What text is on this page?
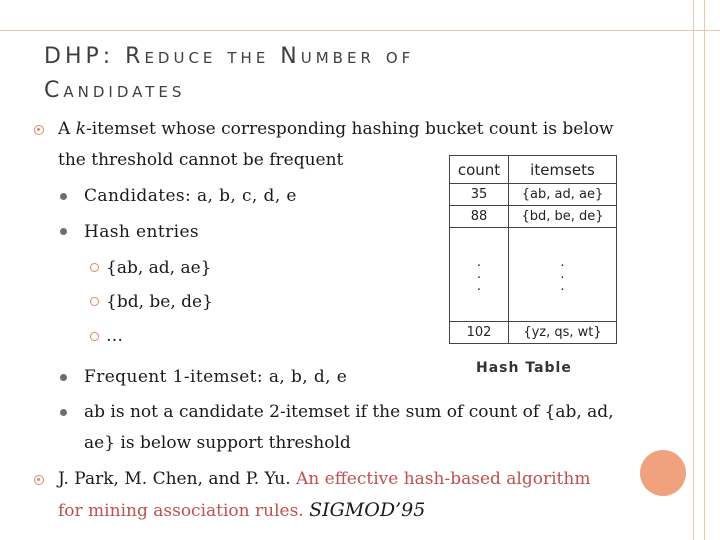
DHP: Reduce the Number of
Candidates
A k-itemset whose corresponding hashing bucket count is below
the threshold cannot be frequent
Candidates: a, b, c, d, e
Hash entries
{ab, ad, ae}
{bd, be, de}
…
Frequent 1-itemset: a, b, d, e
ab is not a candidate 2-itemset if the sum of count of {ab, ad,
ae} is below support threshold
J. Park, M. Chen, and P. Yu. An effective hash-based algorithm
for mining association rules. SIGMOD’95
count	itemsets
35	{ab, ad, ae}
88	{bd, be, de}
. . .	. . .
102	{yz, qs, wt}
Hash Table
